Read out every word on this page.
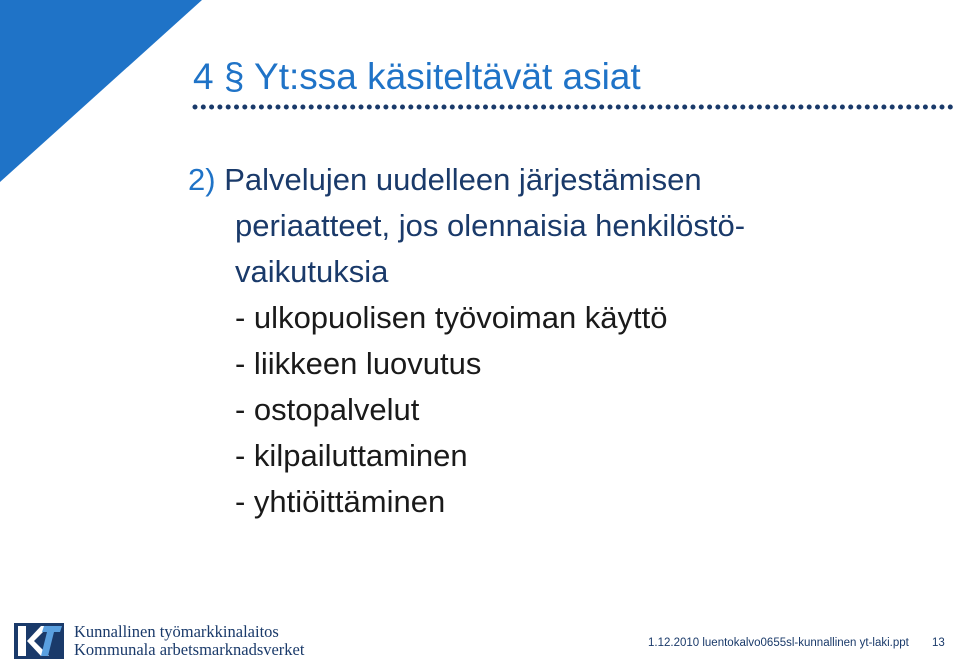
4 § Yt:ssa käsiteltävät asiat
2) Palvelujen uudelleen järjestämisen
periaatteet, jos olennaisia henkilöstö-
vaikutuksia
- ulkopuolisen työvoiman käyttö
- liikkeen luovutus
- ostopalvelut
- kilpailuttaminen
- yhtiöittäminen
Kunnallinen työmarkkinalaitos
Kommunala arbetsmarknadsverket	1.12.2010 luentokalvo0655sl-kunnallinen yt-laki.ppt 13
